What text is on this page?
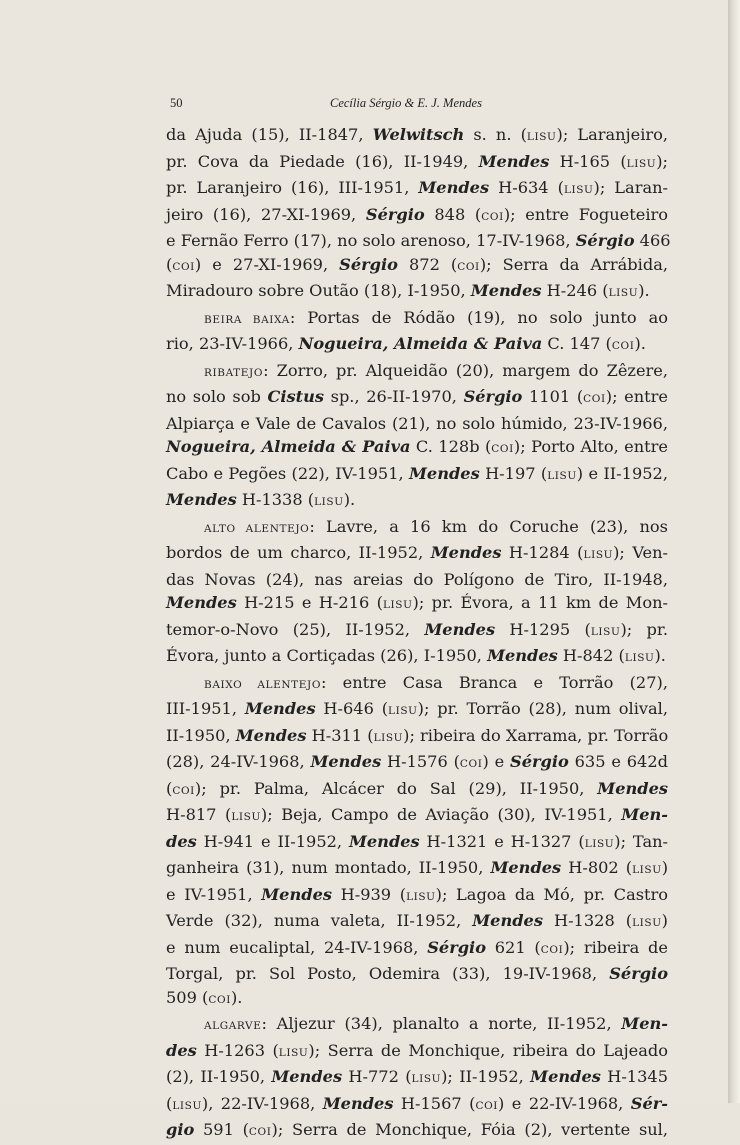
50	Cecília Sérgio & E. J. Mendes

da Ajuda (15), II-1847, Welwitsch s. n. (LISU); Laranjeiro,

pr. Cova da Piedade (16), II-1949, Mendes H-165 (LISU);

pr. Laranjeiro (16), III-1951, Mendes H-634 (LISU); Laran-

jeiro (16), 27-XI-1969, Sérgio 848 (COI); entre Fogueteiro

e Fernão Ferro (17), no solo arenoso, 17-IV-1968, Sérgio 466

(COI) e 27-XI-1969, Sérgio 872 (COI); Serra da Arrábida,

Miradouro sobre Outão (18), I-1950, Mendes H-246 (LISU).

BEIRA BAIXA: Portas de Ródão (19), no solo junto ao

rio, 23-IV-1966, Nogueira, Almeida & Paiva C. 147 (COI).

RIBATEJO: Zorro, pr. Alqueidão (20), margem do Zêzere,

no solo sob Cistus sp., 26-II-1970, Sérgio 1101 (COI); entre

Alpiarça e Vale de Cavalos (21), no solo húmido, 23-IV-1966,

Nogueira, Almeida & Paiva C. 128b (COI); Porto Alto, entre

Cabo e Pegões (22), IV-1951, Mendes H-197 (LISU) e II-1952,

Mendes H-1338 (LISU).

ALTO ALENTEJO: Lavre, a 16 km do Coruche (23), nos

bordos de um charco, II-1952, Mendes H-1284 (LISU); Ven-

das Novas (24), nas areias do Polígono de Tiro, II-1948,

Mendes H-215 e H-216 (LISU); pr. Évora, a 11 km de Mon-

temor-o-Novo (25), II-1952, Mendes H-1295 (LISU); pr.

Évora, junto a Cortiçadas (26), I-1950, Mendes H-842 (LISU).

BAIXO ALENTEJO: entre Casa Branca e Torrão (27),

III-1951, Mendes H-646 (LISU); pr. Torrão (28), num olival,

II-1950, Mendes H-311 (LISU); ribeira do Xarrama, pr. Torrão

(28), 24-IV-1968, Mendes H-1576 (COI) e Sérgio 635 e 642d

(COI); pr. Palma, Alcácer do Sal (29), II-1950, Mendes

H-817 (LISU); Beja, Campo de Aviação (30), IV-1951, Men-

des H-941 e II-1952, Mendes H-1321 e H-1327 (LISU); Tan-

ganheira (31), num montado, II-1950, Mendes H-802 (LISU)

e IV-1951, Mendes H-939 (LISU); Lagoa da Mó, pr. Castro

Verde (32), numa valeta, II-1952, Mendes H-1328 (LISU)

e num eucaliptal, 24-IV-1968, Sérgio 621 (COI); ribeira de

Torgal, pr. Sol Posto, Odemira (33), 19-IV-1968, Sérgio

509 (COI).

ALGARVE: Aljezur (34), planalto a norte, II-1952, Men-

des H-1263 (LISU); Serra de Monchique, ribeira do Lajeado

(2), II-1950, Mendes H-772 (LISU); II-1952, Mendes H-1345

(LISU), 22-IV-1968, Mendes H-1567 (COI) e 22-IV-1968, Sér-

gio 591 (COI); Serra de Monchique, Fóia (2), vertente sul,
